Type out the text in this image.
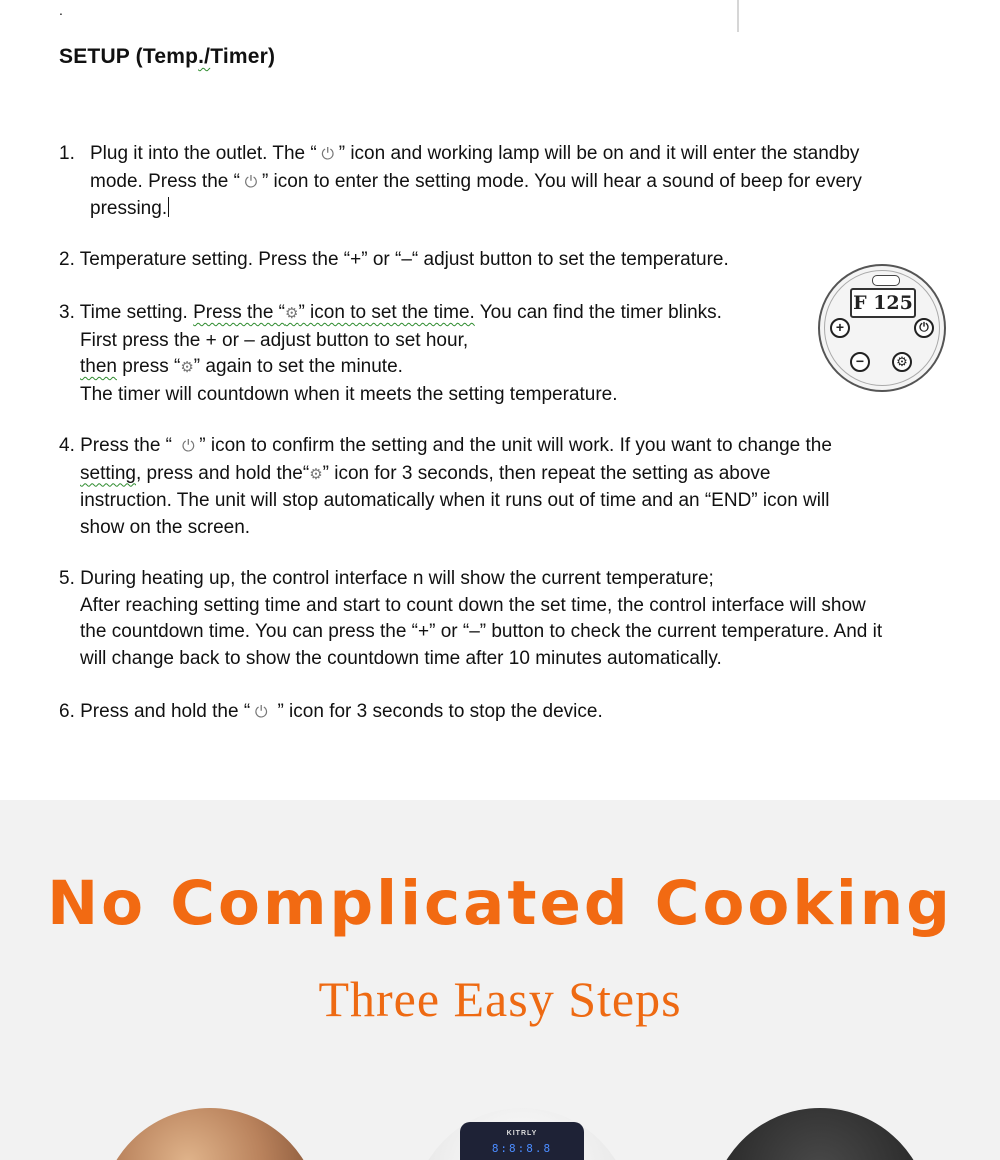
.
SETUP (Temp./Timer)

1. Plug it into the outlet. The “ ⏻ ” icon and working lamp will be on and it will enter the standby

mode. Press the “ ⏻ ” icon to enter the setting mode. You will hear a sound of beep for every

pressing.

2. Temperature setting. Press the “+” or “–“ adjust button to set the temperature.

3. Time setting. Press the “⚙” icon to set the time. You can find the timer blinks.

First press the + or – adjust button to set hour,

then press “⚙” again to set the minute.

The timer will countdown when it meets the setting temperature.

F 125
+	⏻
−	⚙

4. Press the “ ⏻ ” icon to confirm the setting and the unit will work. If you want to change the

setting, press and hold the“⚙” icon for 3 seconds, then repeat the setting as above

instruction. The unit will stop automatically when it runs out of time and an “END” icon will

show on the screen.

5. During heating up, the control interface n will show the current temperature;

After reaching setting time and start to count down the set time, the control interface will show

the countdown time. You can press the “+” or “–” button to check the current temperature. And it

will change back to show the countdown time after 10 minutes automatically.

6. Press and hold the “ ⏻ ” icon for 3 seconds to stop the device.

No Complicated Cooking
Three Easy Steps
KITRLY
8:8:8.8
